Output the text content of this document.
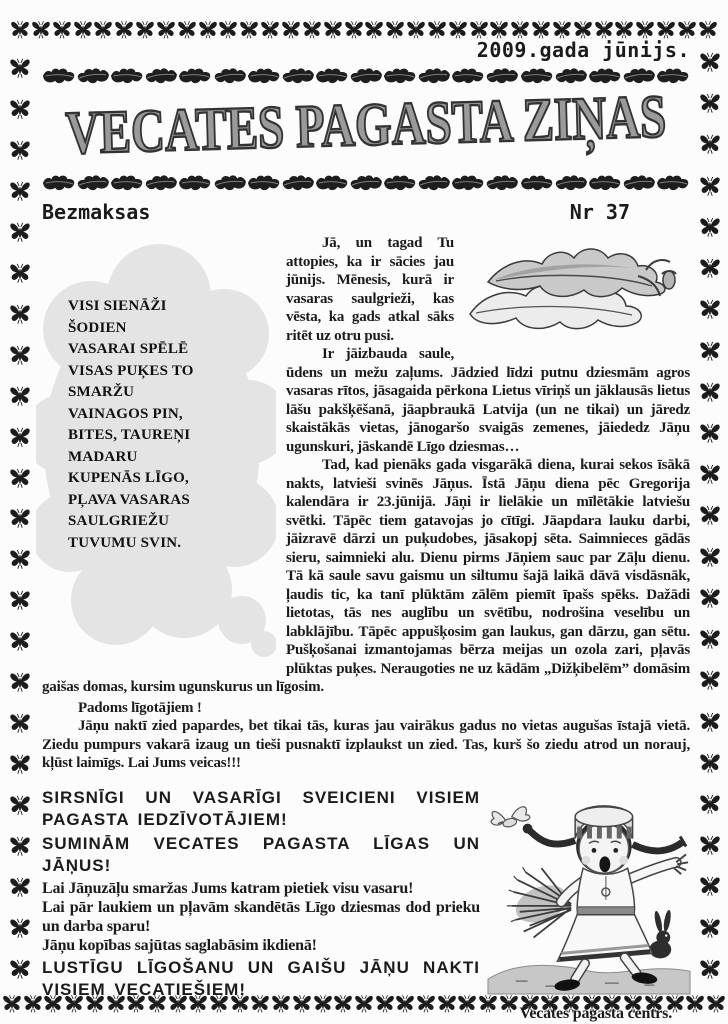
2009.gada jūnijs.
VECATES PAGASTA ZIŅAS
Bezmaksas	Nr 37
VISI SIENĀŽI
ŠODIEN
VASARAI SPĒLĒ
VISAS PUĶES TO
SMARŽU
VAINAGOS PIN,
BITES, TAUREŅI
MADARU
KUPENĀS LĪGO,
PĻAVA VASARAS
SAULGRIEŽU
TUVUMU SVIN.

Jā, un tagad Tu attopies, ka ir sācies jau jūnijs. Mēnesis, kurā ir vasaras saulgrieži, kas vēsta, ka gads atkal sāks ritēt uz otru pusi.

Ir jāizbauda saule, ūdens un mežu zaļums. Jādzied līdzi putnu dziesmām agros vasaras rītos, jāsagaida pērkona Lietus vīriņš un jāklausās lietus lāšu pakšķēšanā, jāapbraukā Latvija (un ne tikai) un jāredz skaistākās vietas, jānogaršo svaigās zemenes, jāiededz Jāņu ugunskuri, jāskandē Līgo dziesmas…

Tad, kad pienāks gada visgarākā diena, kurai sekos īsākā nakts, latvieši svinēs Jāņus. Īstā Jāņu diena pēc Gregorija kalendāra ir 23.jūnijā. Jāņi ir lielākie un mīlētākie latviešu svētki. Tāpēc tiem gatavojas jo cītīgi. Jāapdara lauku darbi, jāizravē dārzi un puķudobes, jāsakopj sēta. Saimnieces gādās sieru, saimnieki alu. Dienu pirms Jāņiem sauc par Zāļu dienu. Tā kā saule savu gaismu un siltumu šajā laikā dāvā visdāsnāk, ļaudis tic, ka tanī plūktām zālēm piemīt īpašs spēks. Dažādi lietotas, tās nes auglību un svētību, nodrošina veselību un labklājību. Tāpēc appušķosim gan laukus, gan dārzu, gan sētu. Pušķošanai izmantojamas bērza meijas un ozola zari, pļavās plūktas puķes. Neraugoties ne uz kādām „Dižķibelēm” domāsim gaišas domas, kursim ugunskurus un līgosim.

Padoms līgotājiem !

Jāņu naktī zied papardes, bet tikai tās, kuras jau vairākus gadus no vietas augušas īstajā vietā. Ziedu pumpurs vakarā izaug un tieši pusnaktī izplaukst un zied. Tas, kurš šo ziedu atrod un norauj, kļūst laimīgs. Lai Jums veicas!!!

SIRSNĪGI UN VASARĪGI SVEICIENI VISIEM PAGASTA IEDZĪVOTĀJIEM!

SUMINĀM VECATES PAGASTA LĪGAS UN JĀŅUS!

Lai Jāņuzāļu smaržas Jums katram pietiek visu vasaru!

Lai pār laukiem un pļavām skandētās Līgo dziesmas dod prieku un darba sparu!

Jāņu kopības sajūtas saglabāsim ikdienā!

LUSTĪGU LĪGOŠANU UN GAIŠU JĀŅU NAKTI VISIEM VECATIEŠIEM!

Vecates pagasta centrs.
